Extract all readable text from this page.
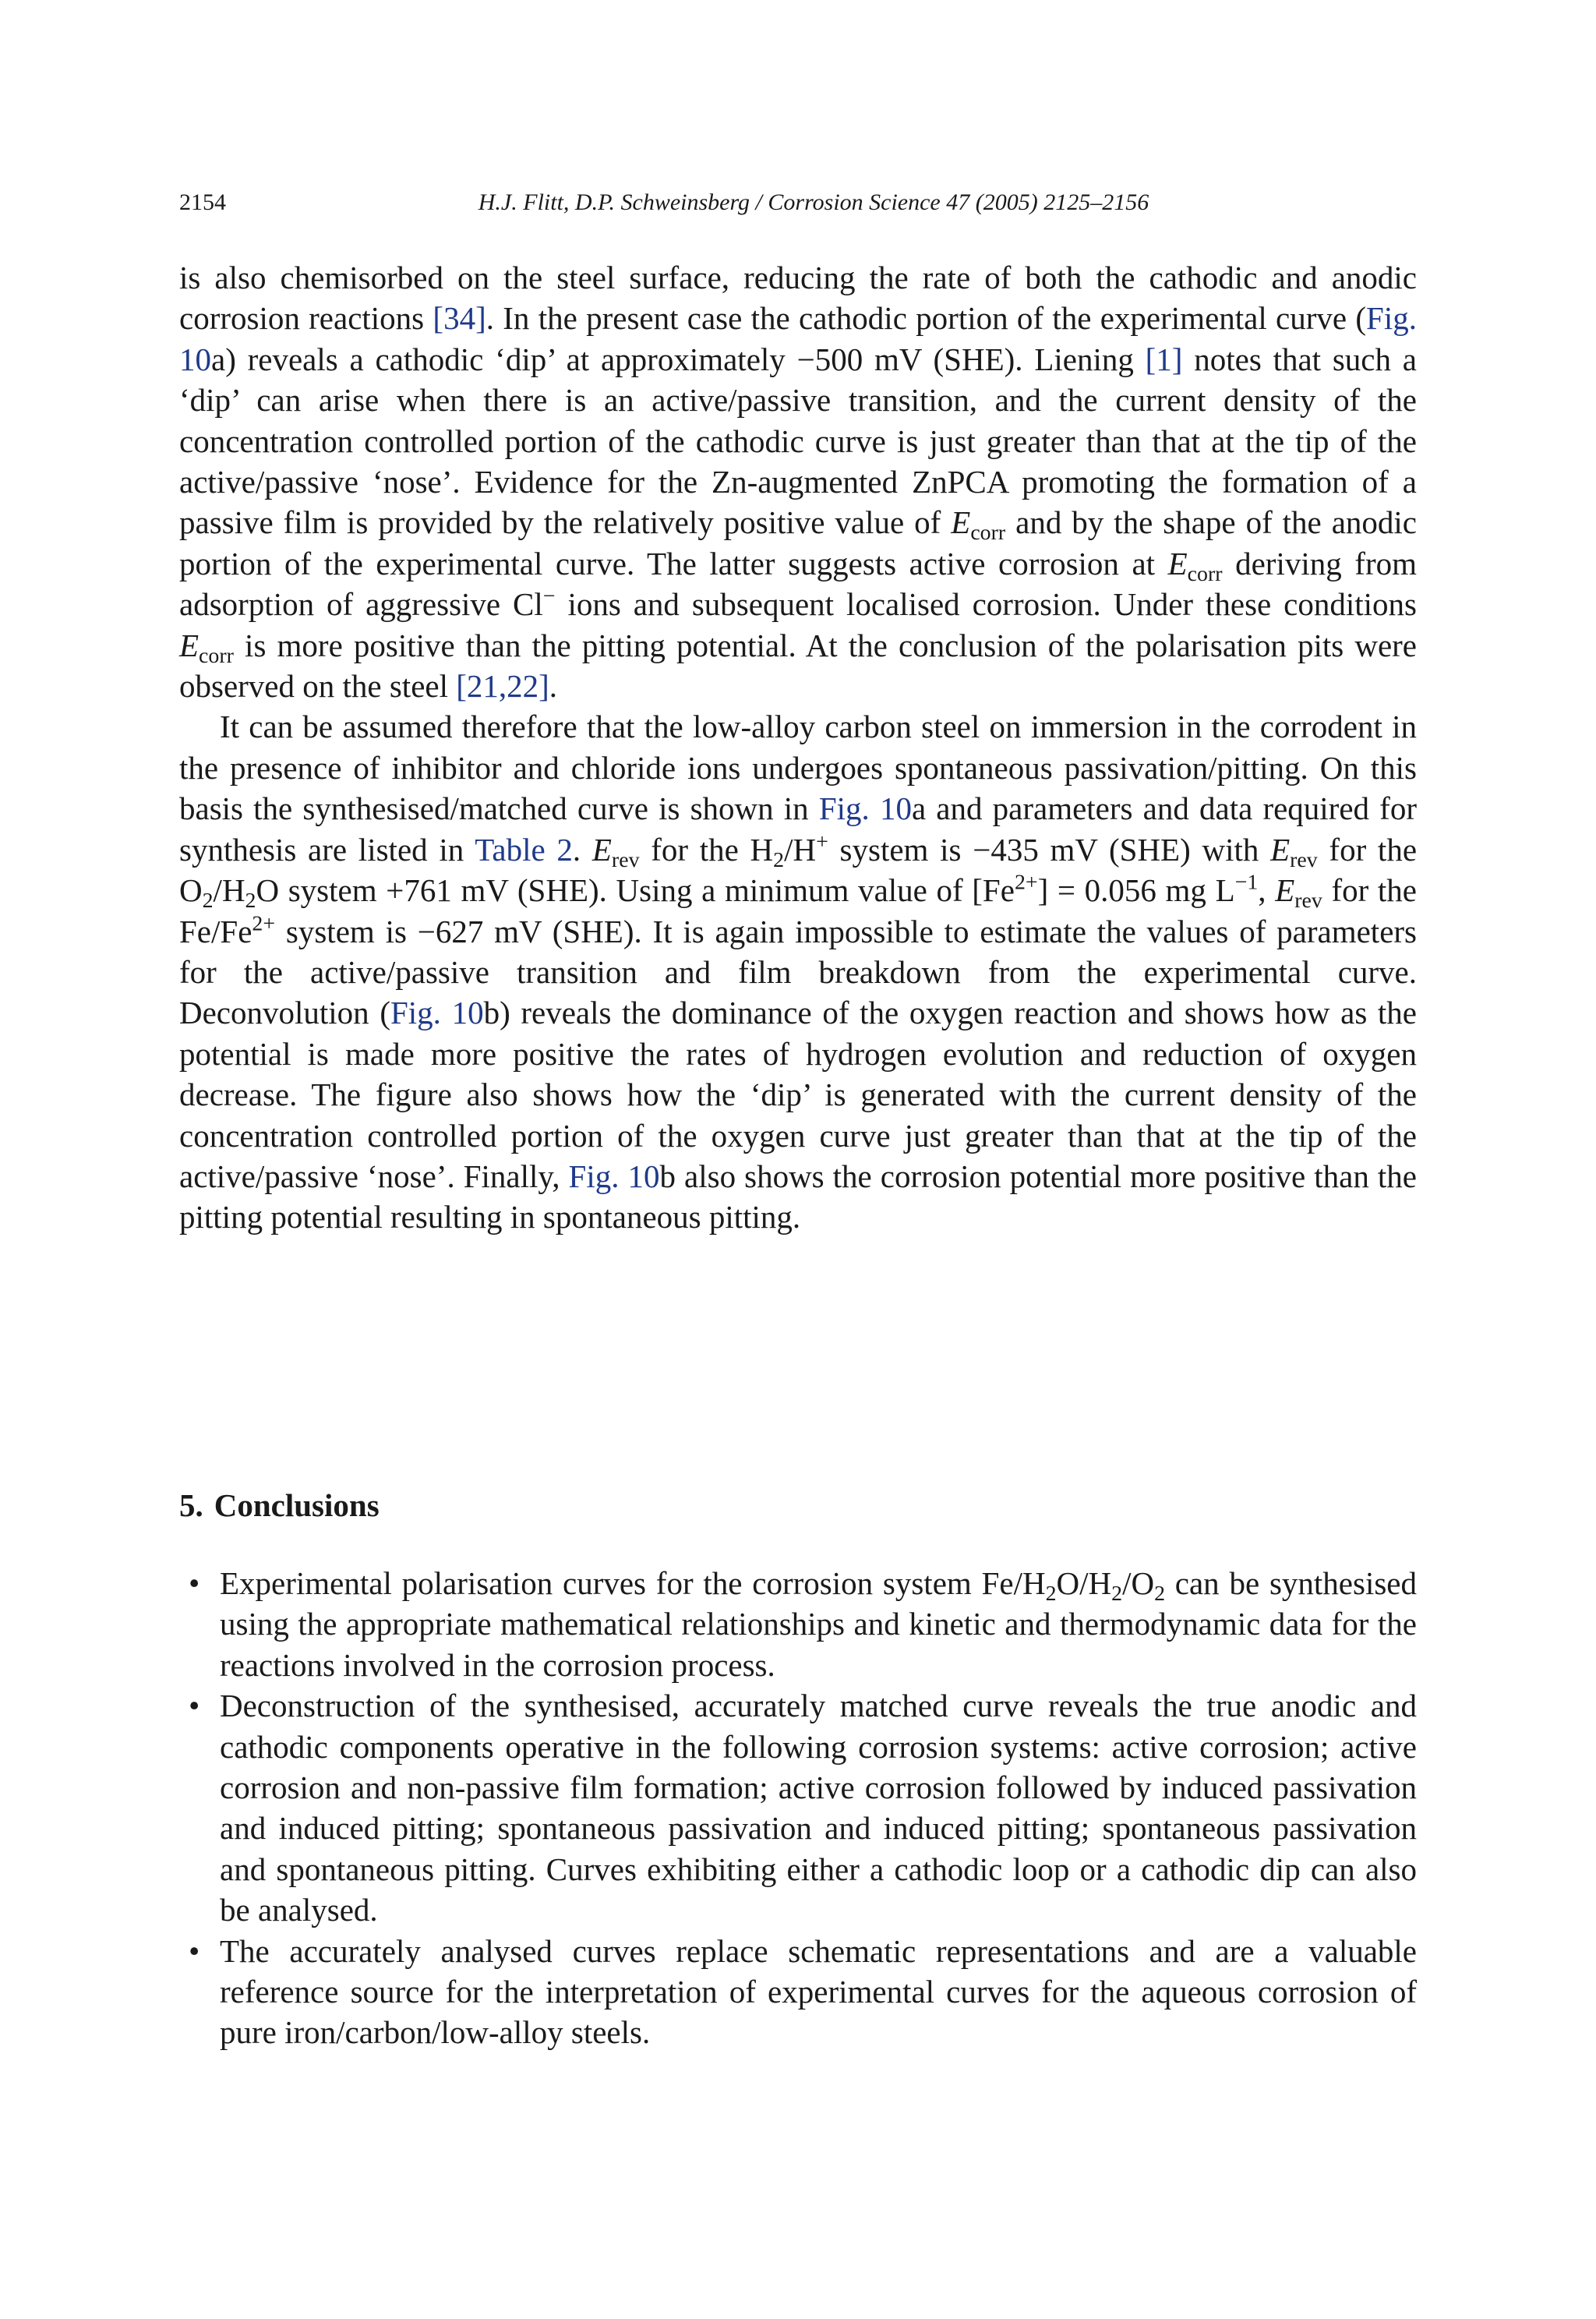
2154	H.J. Flitt, D.P. Schweinsberg / Corrosion Science 47 (2005) 2125–2156

is also chemisorbed on the steel surface, reducing the rate of both the cathodic and anodic corrosion reactions [34]. In the present case the cathodic portion of the experimental curve (Fig. 10a) reveals a cathodic ‘dip’ at approximately −500 mV (SHE). Liening [1] notes that such a ‘dip’ can arise when there is an active/passive transition, and the current density of the concentration controlled portion of the cathodic curve is just greater than that at the tip of the active/passive ‘nose’. Evidence for the Zn-augmented ZnPCA promoting the formation of a passive film is provided by the relatively positive value of $E_{corr}$ and by the shape of the anodic portion of the experimental curve. The latter suggests active corrosion at $E_{corr}$ deriving from adsorption of aggressive Cl− ions and subsequent localised corrosion. Under these conditions $E_{corr}$ is more positive than the pitting potential. At the conclusion of the polarisation pits were observed on the steel [21,22].

It can be assumed therefore that the low-alloy carbon steel on immersion in the corrodent in the presence of inhibitor and chloride ions undergoes spontaneous passivation/pitting. On this basis the synthesised/matched curve is shown in Fig. 10a and parameters and data required for synthesis are listed in Table 2. $E_{rev}$ for the $H_2/H^+$ system is −435 mV (SHE) with $E_{rev}$ for the $O_2/H_2O$ system +761 mV (SHE). Using a minimum value of $[Fe^{2+}] = 0.056$ mg $L^{-1}$, $E_{rev}$ for the $Fe/Fe^{2+}$ system is −627 mV (SHE). It is again impossible to estimate the values of parameters for the active/passive transition and film breakdown from the experimental curve. Deconvolution (Fig. 10b) reveals the dominance of the oxygen reaction and shows how as the potential is made more positive the rates of hydrogen evolution and reduction of oxygen decrease. The figure also shows how the ‘dip’ is generated with the current density of the concentration controlled portion of the oxygen curve just greater than that at the tip of the active/passive ‘nose’. Finally, Fig. 10b also shows the corrosion potential more positive than the pitting potential resulting in spontaneous pitting.

5. Conclusions
• Experimental polarisation curves for the corrosion system $Fe/H_2O/H_2/O_2$ can be synthesised using the appropriate mathematical relationships and kinetic and thermodynamic data for the reactions involved in the corrosion process.
• Deconstruction of the synthesised, accurately matched curve reveals the true anodic and cathodic components operative in the following corrosion systems: active corrosion; active corrosion and non-passive film formation; active corrosion followed by induced passivation and induced pitting; spontaneous passivation and induced pitting; spontaneous passivation and spontaneous pitting. Curves exhibiting either a cathodic loop or a cathodic dip can also be analysed.
• The accurately analysed curves replace schematic representations and are a valuable reference source for the interpretation of experimental curves for the aqueous corrosion of pure iron/carbon/low-alloy steels.
